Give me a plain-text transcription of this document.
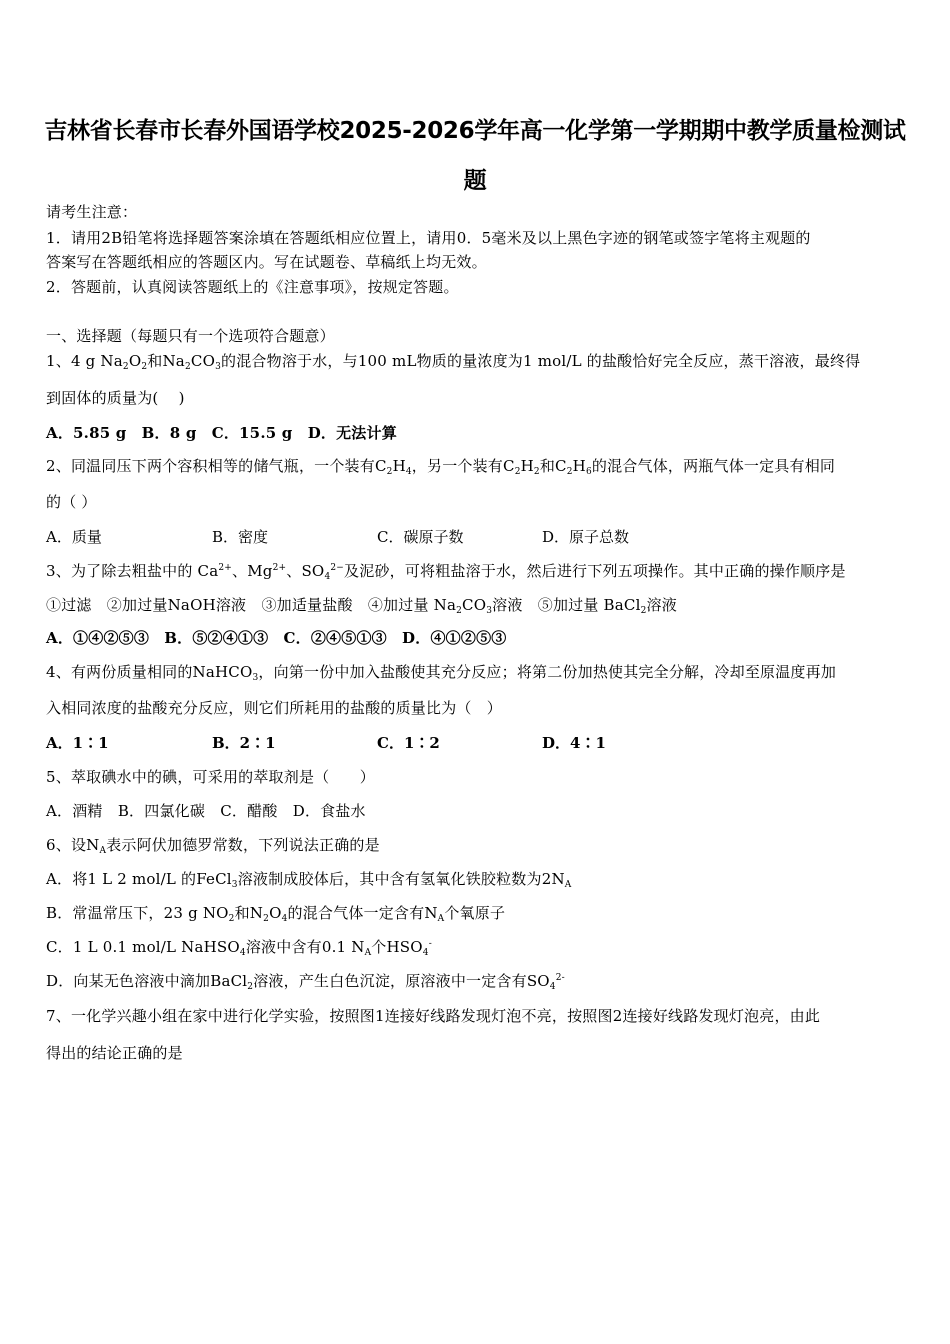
吉林省长春市长春外国语学校2025-2026学年高一化学第一学期期中教学质量检测试
题
请考生注意：
1．请用2B铅笔将选择题答案涂填在答题纸相应位置上，请用0．5毫米及以上黑色字迹的钢笔或签字笔将主观题的
答案写在答题纸相应的答题区内。写在试题卷、草稿纸上均无效。
2．答题前，认真阅读答题纸上的《注意事项》，按规定答题。
一、选择题（每题只有一个选项符合题意）
1、4 g $Na_2O_2$和$Na_2CO_3$的混合物溶于水，与100 mL物质的量浓度为1 mol/L 的盐酸恰好完全反应，蒸干溶液，最终得
到固体的质量为(　 )
A．5.85 g　B．8 g　C．15.5 g　D．无法计算
2、同温同压下两个容积相等的储气瓶，一个装有$C_2H_4$，另一个装有$C_2H_2$和$C_2H_6$的混合气体，两瓶气体一定具有相同
的（ ）
A．质量	B．密度	C．碳原子数	D．原子总数
3、为了除去粗盐中的 $Ca^{2+}$、$Mg^{2+}$、$SO_4^{2-}$及泥砂，可将粗盐溶于水，然后进行下列五项操作。其中正确的操作顺序是
①过滤　②加过量NaOH溶液　③加适量盐酸　④加过量 $Na_2CO_3$溶液　⑤加过量 BaCl$_2$溶液
A．①④②⑤③　B．⑤②④①③　C．②④⑤①③　D．④①②⑤③
4、有两份质量相同的NaHCO$_3$，向第一份中加入盐酸使其充分反应；将第二份加热使其完全分解，冷却至原温度再加
入相同浓度的盐酸充分反应，则它们所耗用的盐酸的质量比为（　）
A．1∶1	B．2∶1	C．1∶2	D．4∶1
5、萃取碘水中的碘，可采用的萃取剂是（　　）
A．酒精　B．四氯化碳　C．醋酸　D．食盐水
6、设$N_A$表示阿伏加德罗常数，下列说法正确的是
A．将1 L 2 mol/L 的FeCl$_3$溶液制成胶体后，其中含有氢氧化铁胶粒数为$2N_A$
B．常温常压下，23 g $NO_2$和$N_2O_4$的混合气体一定含有$N_A$个氧原子
C．1 L 0.1 mol/L NaHSO$_4$溶液中含有0.1 $N_A$个$HSO_4^-$
D．向某无色溶液中滴加BaCl$_2$溶液，产生白色沉淀，原溶液中一定含有$SO_4^{2-}$
7、一化学兴趣小组在家中进行化学实验，按照图1连接好线路发现灯泡不亮，按照图2连接好线路发现灯泡亮，由此
得出的结论正确的是
